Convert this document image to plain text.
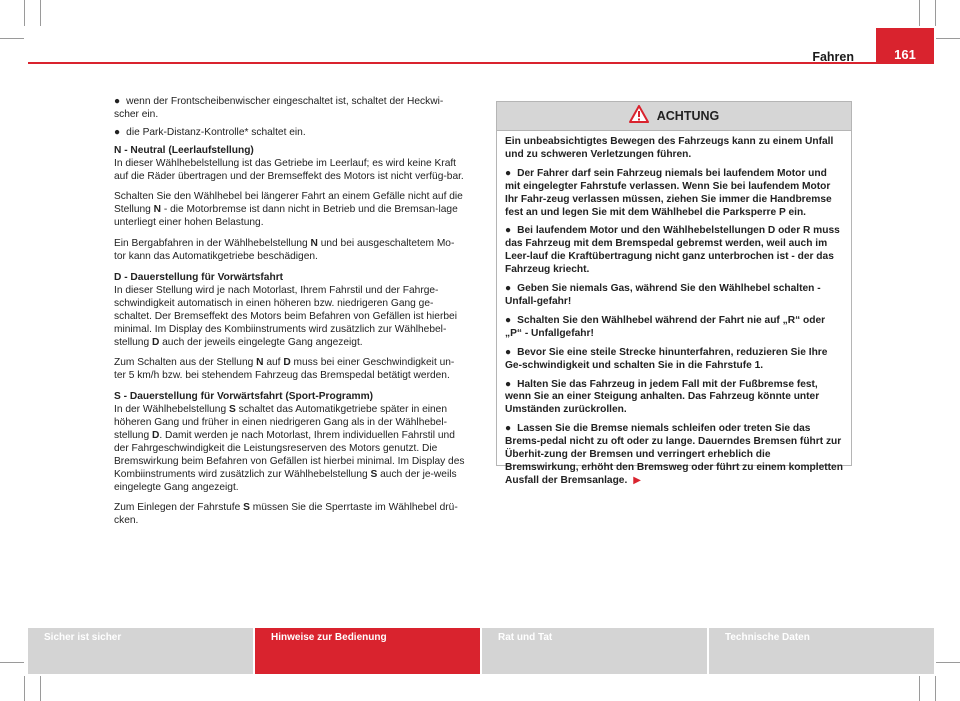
Fahren	161

● wenn der Frontscheibenwischer eingeschaltet ist, schaltet der Heckwi-scher ein.

● die Park-Distanz-Kontrolle* schaltet ein.

N - Neutral (Leerlaufstellung)

In dieser Wählhebelstellung ist das Getriebe im Leerlauf; es wird keine Kraft auf die Räder übertragen und der Bremseffekt des Motors ist nicht verfüg-bar.

Schalten Sie den Wählhebel bei längerer Fahrt an einem Gefälle nicht auf die Stellung N - die Motorbremse ist dann nicht in Betrieb und die Bremsan-lage unterliegt einer hohen Belastung.

Ein Bergabfahren in der Wählhebelstellung N und bei ausgeschaltetem Mo-tor kann das Automatikgetriebe beschädigen.

D - Dauerstellung für Vorwärtsfahrt

In dieser Stellung wird je nach Motorlast, Ihrem Fahrstil und der Fahrge-schwindigkeit automatisch in einen höheren bzw. niedrigeren Gang ge-schaltet. Der Bremseffekt des Motors beim Befahren von Gefällen ist hierbei minimal. Im Display des Kombiinstruments wird zusätzlich zur Wählhebel-stellung D auch der jeweils eingelegte Gang angezeigt.

Zum Schalten aus der Stellung N auf D muss bei einer Geschwindigkeit un-ter 5 km/h bzw. bei stehendem Fahrzeug das Bremspedal betätigt werden.

S - Dauerstellung für Vorwärtsfahrt (Sport-Programm)

In der Wählhebelstellung S schaltet das Automatikgetriebe später in einen höheren Gang und früher in einen niedrigeren Gang als in der Wählhebel-stellung D. Damit werden je nach Motorlast, Ihrem individuellen Fahrstil und der Fahrgeschwindigkeit die Leistungsreserven des Motors genutzt. Die Bremswirkung beim Befahren von Gefällen ist hierbei minimal. Im Display des Kombiinstruments wird zusätzlich zur Wählhebelstellung S auch der je-weils eingelegte Gang angezeigt.

Zum Einlegen der Fahrstufe S müssen Sie die Sperrtaste im Wählhebel drü-cken.

ACHTUNG

Ein unbeabsichtigtes Bewegen des Fahrzeugs kann zu einem Unfall und zu schweren Verletzungen führen.

● Der Fahrer darf sein Fahrzeug niemals bei laufendem Motor und mit eingelegter Fahrstufe verlassen. Wenn Sie bei laufendem Motor Ihr Fahr-zeug verlassen müssen, ziehen Sie immer die Handbremse fest an und legen Sie mit dem Wählhebel die Parksperre P ein.

● Bei laufendem Motor und den Wählhebelstellungen D oder R muss das Fahrzeug mit dem Bremspedal gebremst werden, weil auch im Leer-lauf die Kraftübertragung nicht ganz unterbrochen ist - der das Fahrzeug kriecht.

● Geben Sie niemals Gas, während Sie den Wählhebel schalten - Unfall-gefahr!

● Schalten Sie den Wählhebel während der Fahrt nie auf „R“ oder „P“ - Unfallgefahr!

● Bevor Sie eine steile Strecke hinunterfahren, reduzieren Sie Ihre Ge-schwindigkeit und schalten Sie in die Fahrstufe 1.

● Halten Sie das Fahrzeug in jedem Fall mit der Fußbremse fest, wenn Sie an einer Steigung anhalten. Das Fahrzeug könnte unter Umständen zurückrollen.

● Lassen Sie die Bremse niemals schleifen oder treten Sie das Brems-pedal nicht zu oft oder zu lange. Dauerndes Bremsen führt zur Überhit-zung der Bremsen und verringert erheblich die Bremswirkung, erhöht den Bremsweg oder führt zu einem kompletten Ausfall der Bremsanlage. ▶

Sicher ist sicher	Hinweise zur Bedienung	Rat und Tat	Technische Daten
